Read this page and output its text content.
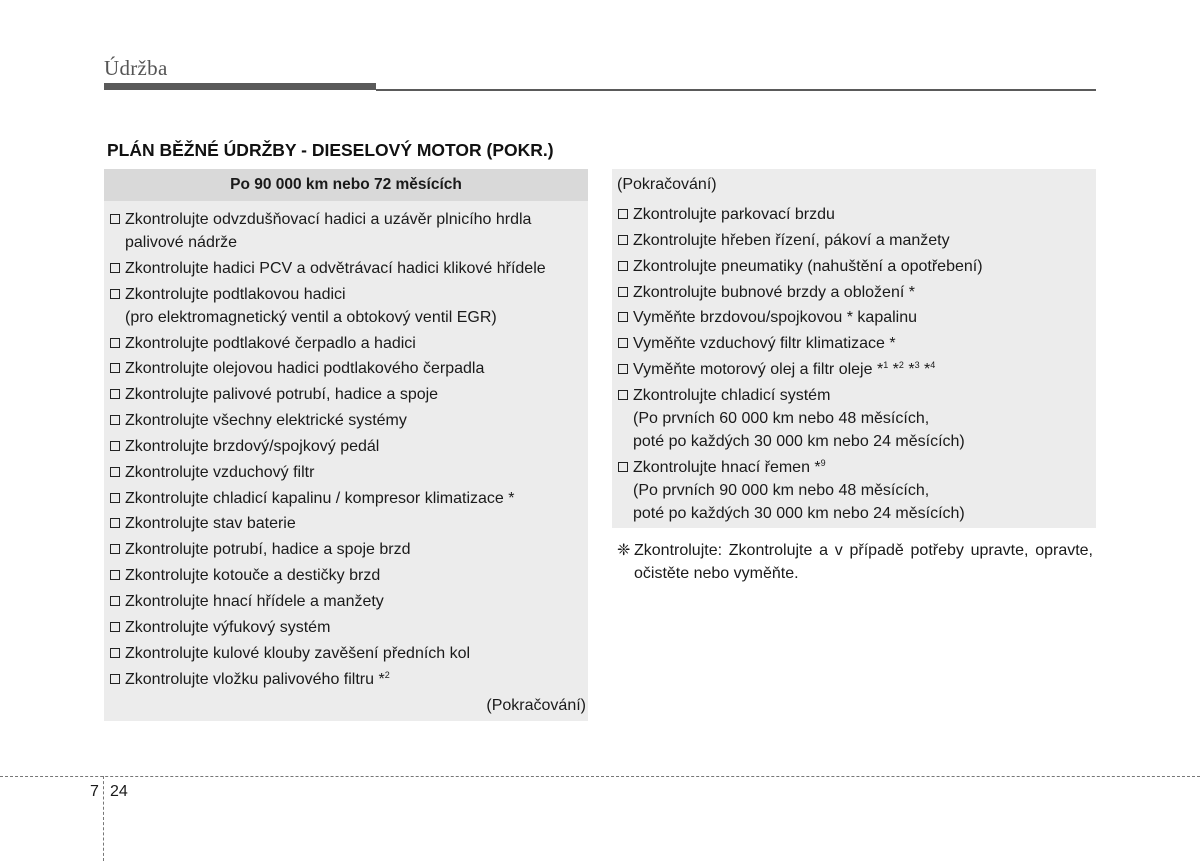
Údržba
PLÁN BĚŽNÉ ÚDRŽBY - DIESELOVÝ MOTOR (POKR.)
Po 90 000 km nebo 72 měsících
Zkontrolujte odvzdušňovací hadici a uzávěr plnicího hrdla
palivové nádrže
Zkontrolujte hadici PCV a odvětrávací hadici klikové hřídele
Zkontrolujte podtlakovou hadici
(pro elektromagnetický ventil a obtokový ventil EGR)
Zkontrolujte podtlakové čerpadlo a hadici
Zkontrolujte olejovou hadici podtlakového čerpadla
Zkontrolujte palivové potrubí, hadice a spoje
Zkontrolujte všechny elektrické systémy
Zkontrolujte brzdový/spojkový pedál
Zkontrolujte vzduchový filtr
Zkontrolujte chladicí kapalinu / kompresor klimatizace *
Zkontrolujte stav baterie
Zkontrolujte potrubí, hadice a spoje brzd
Zkontrolujte kotouče a destičky brzd
Zkontrolujte hnací hřídele a manžety
Zkontrolujte výfukový systém
Zkontrolujte kulové klouby zavěšení předních kol
Zkontrolujte vložku palivového filtru *$^2$
(Pokračování)
(Pokračování)
Zkontrolujte parkovací brzdu
Zkontrolujte hřeben řízení, pákoví a manžety
Zkontrolujte pneumatiky (nahuštění a opotřebení)
Zkontrolujte bubnové brzdy a obložení *
Vyměňte brzdovou/spojkovou * kapalinu
Vyměňte vzduchový filtr klimatizace *
Vyměňte motorový olej a filtr oleje *$^1$ *$^2$ *$^3$ *$^4$
Zkontrolujte chladicí systém
(Po prvních 60 000 km nebo 48 měsících,
poté po každých 30 000 km nebo 24 měsících)
Zkontrolujte hnací řemen *$^9$
(Po prvních 90 000 km nebo 48 měsících,
poté po každých 30 000 km nebo 24 měsících)
❈ Zkontrolujte: Zkontrolujte a v případě potřeby upravte, opravte, očistěte nebo vyměňte.
7 24
